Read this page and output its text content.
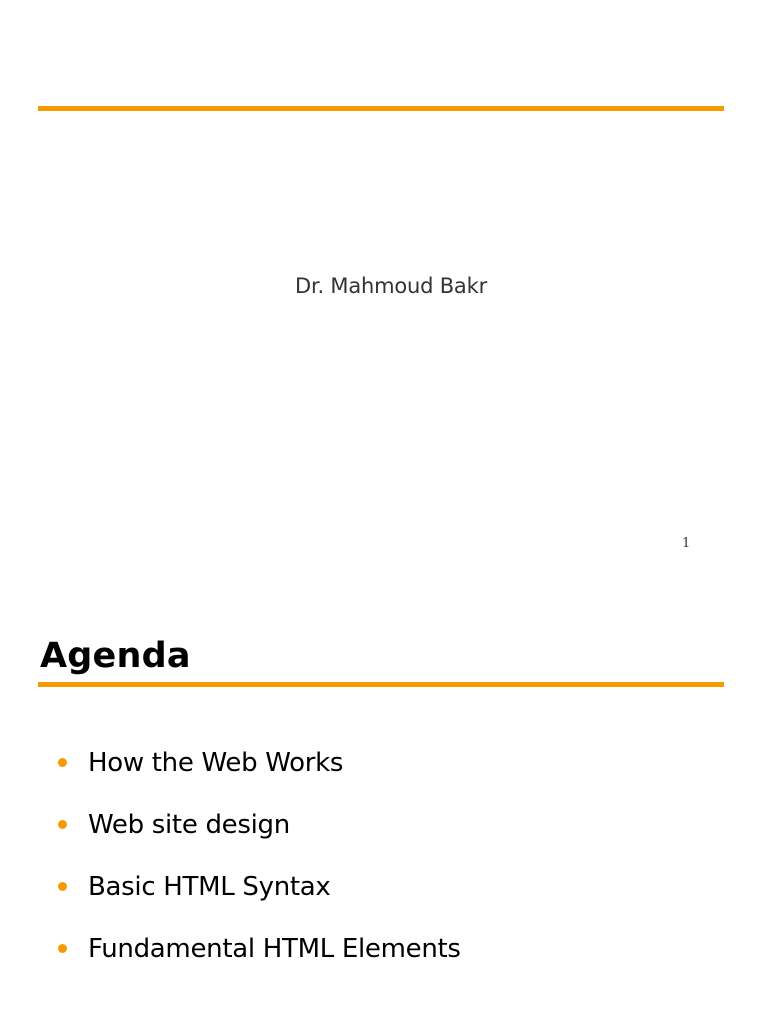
Dr. Mahmoud Bakr
1
Agenda
How the Web Works
Web site design
Basic HTML Syntax
Fundamental HTML Elements
